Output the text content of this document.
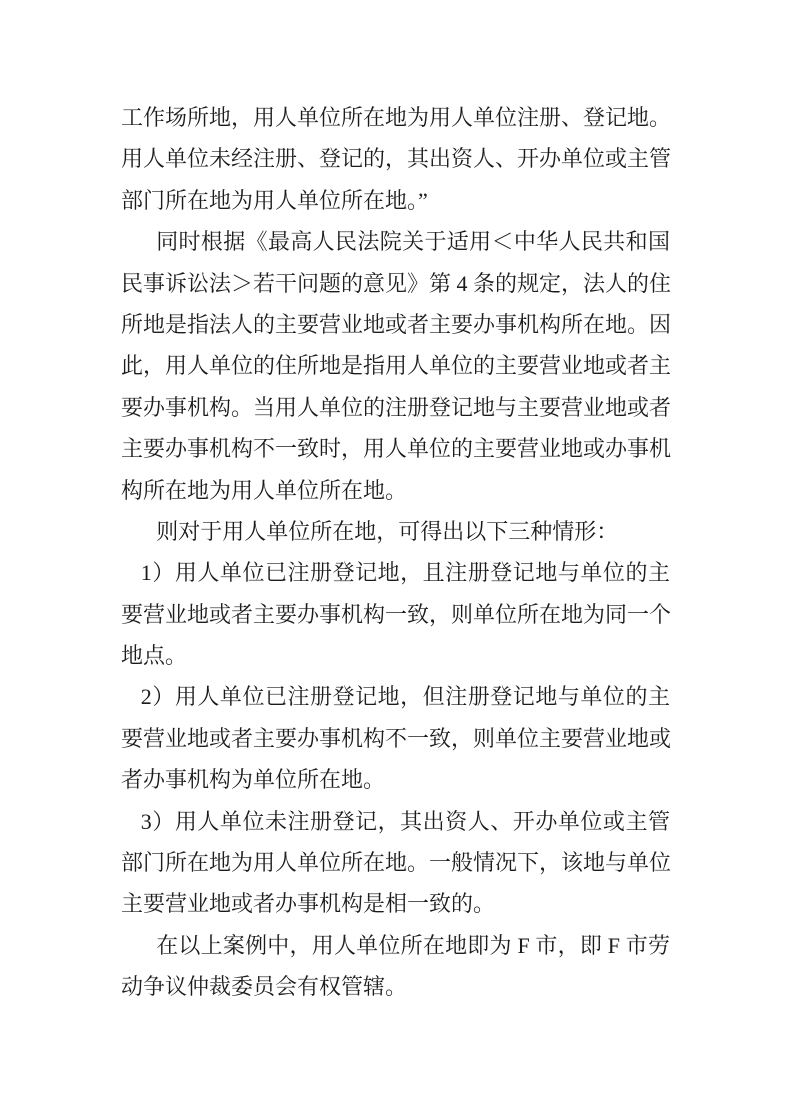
工作场所地，用人单位所在地为用人单位注册、登记地。
用人单位未经注册、登记的，其出资人、开办单位或主管
部门所在地为用人单位所在地。”
同时根据《最高人民法院关于适用＜中华人民共和国
民事诉讼法＞若干问题的意见》第 4 条的规定，法人的住
所地是指法人的主要营业地或者主要办事机构所在地。因
此，用人单位的住所地是指用人单位的主要营业地或者主
要办事机构。当用人单位的注册登记地与主要营业地或者
主要办事机构不一致时，用人单位的主要营业地或办事机
构所在地为用人单位所在地。
则对于用人单位所在地，可得出以下三种情形：
1）用人单位已注册登记地，且注册登记地与单位的主
要营业地或者主要办事机构一致，则单位所在地为同一个
地点。
2）用人单位已注册登记地，但注册登记地与单位的主
要营业地或者主要办事机构不一致，则单位主要营业地或
者办事机构为单位所在地。
3）用人单位未注册登记，其出资人、开办单位或主管
部门所在地为用人单位所在地。一般情况下，该地与单位
主要营业地或者办事机构是相一致的。
在以上案例中，用人单位所在地即为 F 市，即 F 市劳
动争议仲裁委员会有权管辖。
